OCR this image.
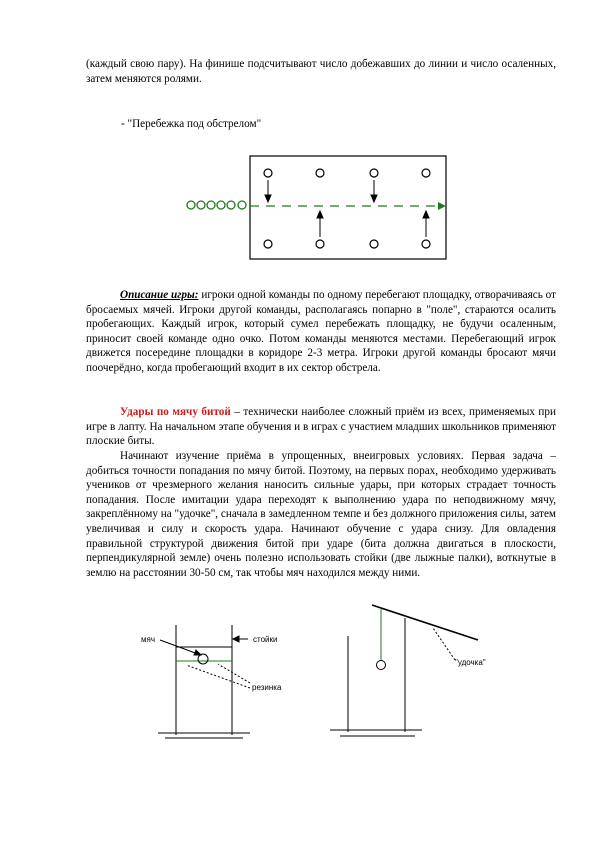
(каждый свою пару). На финише подсчитывают число добежавших до линии и число осаленных, затем меняются ролями.

- "Перебежка под обстрелом"

Описание игры: игроки одной команды по одному перебегают площадку, отворачиваясь от бросаемых мячей. Игроки другой команды, располагаясь попарно в "поле", стараются осалить пробегающих. Каждый игрок, который сумел перебежать площадку, не будучи осаленным, приносит своей команде одно очко. Потом команды меняются местами. Перебегающий игрок движется посередине площадки в коридоре 2-3 метра. Игроки другой команды бросают мячи поочерёдно, когда пробегающий входит в их сектор обстрела.

Удары по мячу битой – технически наиболее сложный приём из всех, применяемых при игре в лапту. На начальном этапе обучения и в играх с участием младших школьников применяют плоские биты.

Начинают изучение приёма в упрощенных, внеигровых условиях. Первая задача – добиться точности попадания по мячу битой. Поэтому, на первых порах, необходимо удерживать учеников от чрезмерного желания наносить сильные удары, при которых страдает точность попадания. После имитации удара переходят к выполнению удара по неподвижному мячу, закреплённому на "удочке", сначала в замедленном темпе и без должного приложения силы, затем увеличивая и силу и скорость удара. Начинают обучение с удара снизу. Для овладения правильной структурой движения битой при ударе (бита должна двигаться в плоскости, перпендикулярной земле) очень полезно использовать стойки (две лыжные палки), воткнутые в землю на расстоянии 30-50 см, так чтобы мяч находился между ними.

мяч	стойки
резинка
"удочка"
